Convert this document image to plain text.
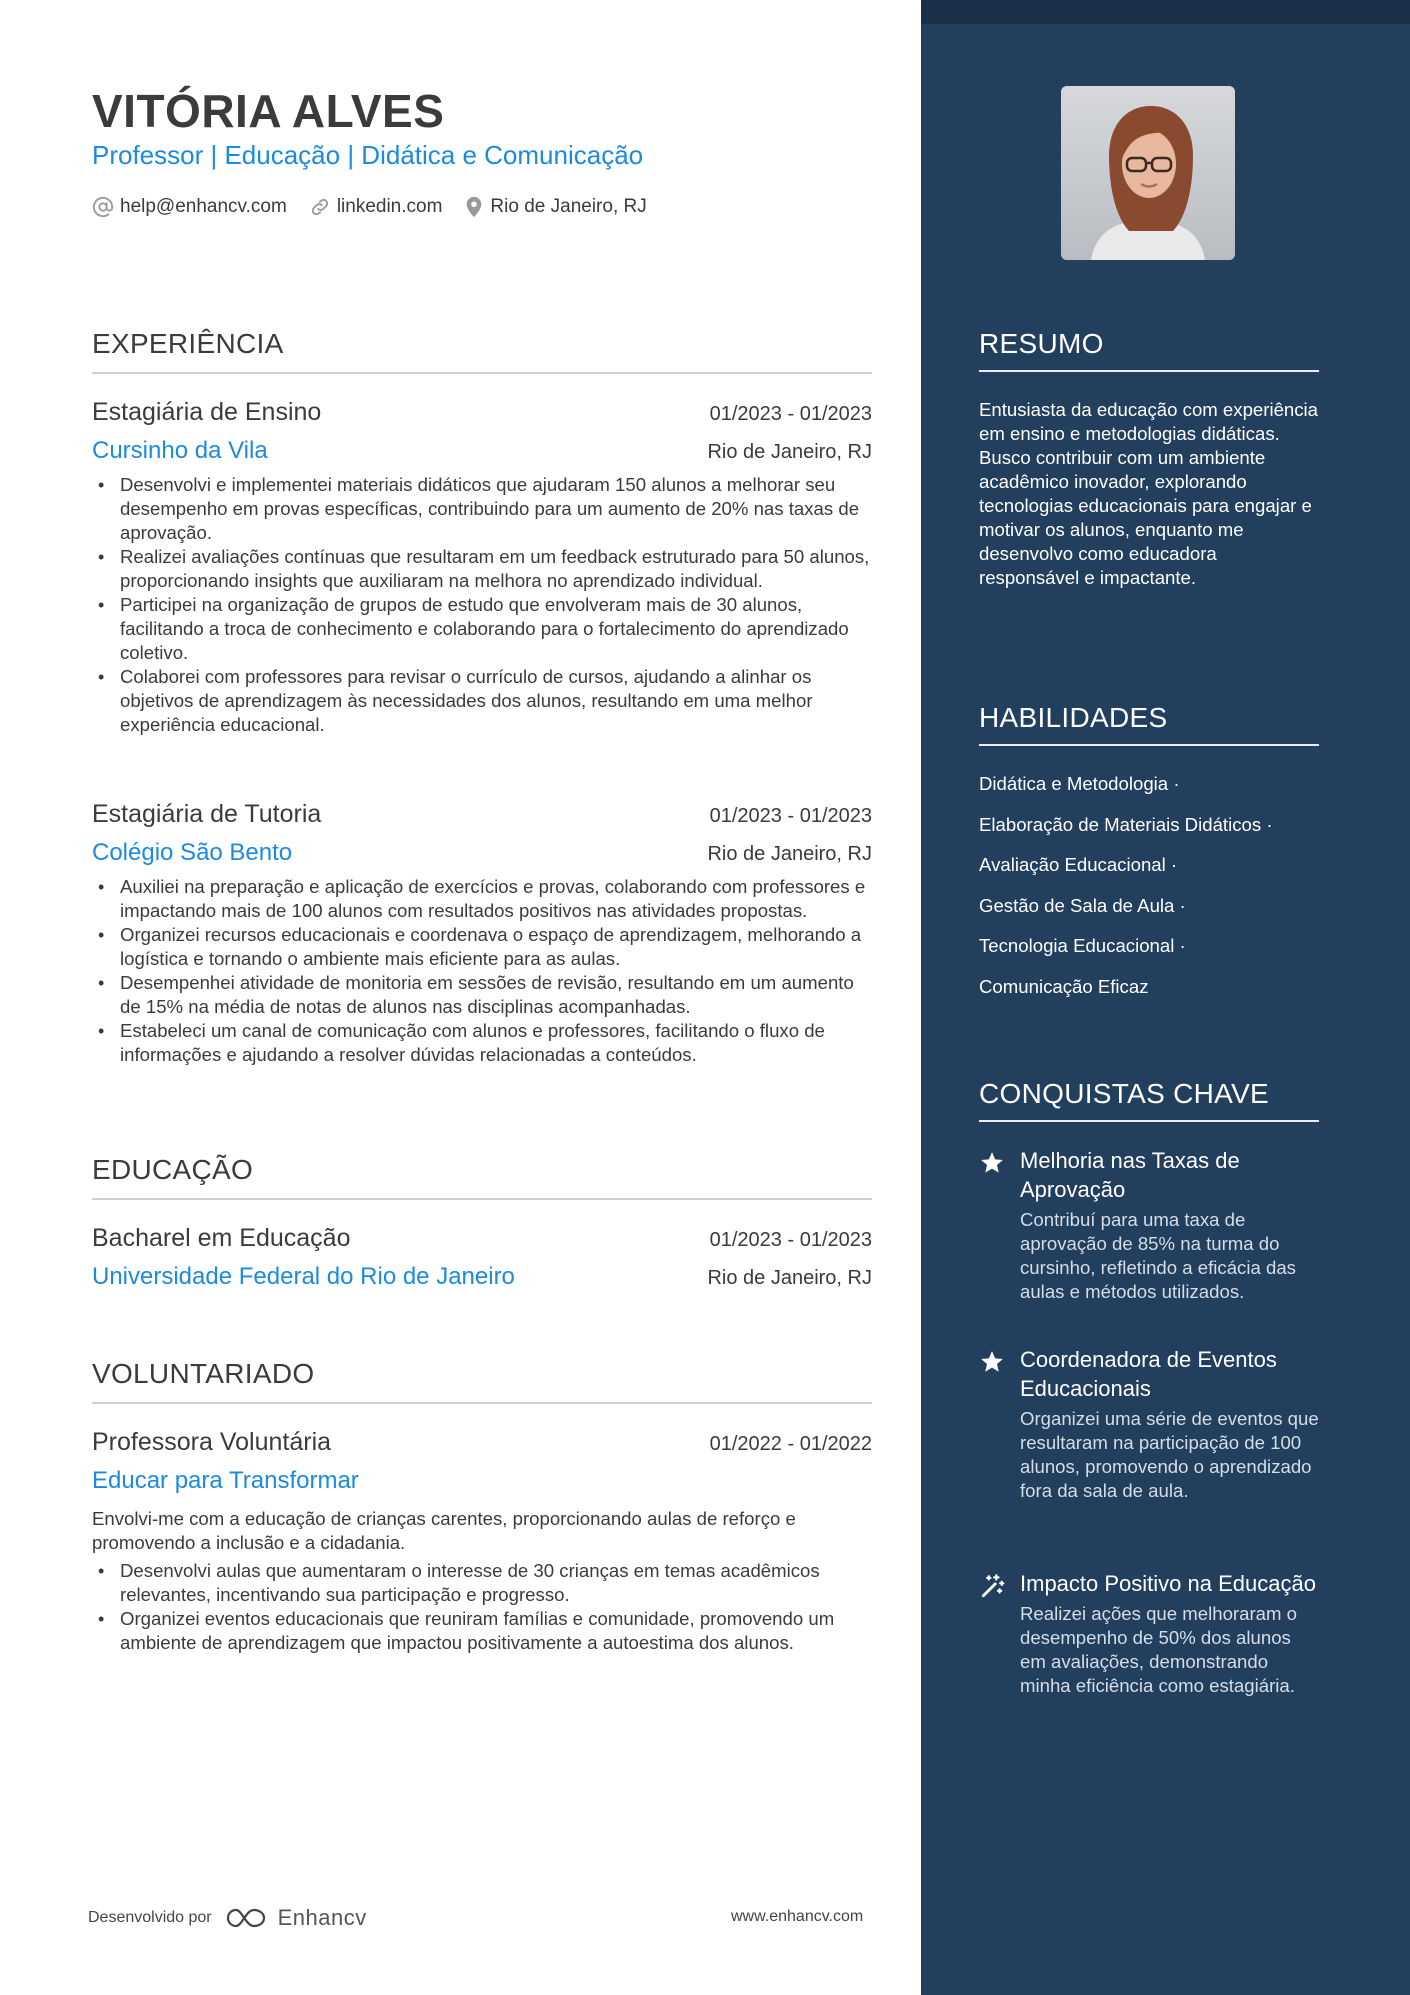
VITÓRIA ALVES
Professor | Educação | Didática e Comunicação
help@enhancv.com	linkedin.com	Rio de Janeiro, RJ
EXPERIÊNCIA
Estagiária de Ensino	01/2023 - 01/2023
Cursinho da Vila	Rio de Janeiro, RJ
• Desenvolvi e implementei materiais didáticos que ajudaram 150 alunos a melhorar seu desempenho em provas específicas, contribuindo para um aumento de 20% nas taxas de aprovação.
• Realizei avaliações contínuas que resultaram em um feedback estruturado para 50 alunos, proporcionando insights que auxiliaram na melhora no aprendizado individual.
• Participei na organização de grupos de estudo que envolveram mais de 30 alunos, facilitando a troca de conhecimento e colaborando para o fortalecimento do aprendizado coletivo.
• Colaborei com professores para revisar o currículo de cursos, ajudando a alinhar os objetivos de aprendizagem às necessidades dos alunos, resultando em uma melhor experiência educacional.
Estagiária de Tutoria	01/2023 - 01/2023
Colégio São Bento	Rio de Janeiro, RJ
• Auxiliei na preparação e aplicação de exercícios e provas, colaborando com professores e impactando mais de 100 alunos com resultados positivos nas atividades propostas.
• Organizei recursos educacionais e coordenava o espaço de aprendizagem, melhorando a logística e tornando o ambiente mais eficiente para as aulas.
• Desempenhei atividade de monitoria em sessões de revisão, resultando em um aumento de 15% na média de notas de alunos nas disciplinas acompanhadas.
• Estabeleci um canal de comunicação com alunos e professores, facilitando o fluxo de informações e ajudando a resolver dúvidas relacionadas a conteúdos.
EDUCAÇÃO
Bacharel em Educação	01/2023 - 01/2023
Universidade Federal do Rio de Janeiro	Rio de Janeiro, RJ
VOLUNTARIADO
Professora Voluntária	01/2022 - 01/2022
Educar para Transformar
Envolvi-me com a educação de crianças carentes, proporcionando aulas de reforço e promovendo a inclusão e a cidadania.
• Desenvolvi aulas que aumentaram o interesse de 30 crianças em temas acadêmicos relevantes, incentivando sua participação e progresso.
• Organizei eventos educacionais que reuniram famílias e comunidade, promovendo um ambiente de aprendizagem que impactou positivamente a autoestima dos alunos.
Desenvolvido por	Enhancv	www.enhancv.com
RESUMO
Entusiasta da educação com experiência em ensino e metodologias didáticas. Busco contribuir com um ambiente acadêmico inovador, explorando tecnologias educacionais para engajar e motivar os alunos, enquanto me desenvolvo como educadora responsável e impactante.
HABILIDADES
Didática e Metodologia ·
Elaboração de Materiais Didáticos ·
Avaliação Educacional ·
Gestão de Sala de Aula ·
Tecnologia Educacional ·
Comunicação Eficaz
CONQUISTAS CHAVE
Melhoria nas Taxas de Aprovação
Contribuí para uma taxa de aprovação de 85% na turma do cursinho, refletindo a eficácia das aulas e métodos utilizados.
Coordenadora de Eventos Educacionais
Organizei uma série de eventos que resultaram na participação de 100 alunos, promovendo o aprendizado fora da sala de aula.
Impacto Positivo na Educação
Realizei ações que melhoraram o desempenho de 50% dos alunos em avaliações, demonstrando minha eficiência como estagiária.
